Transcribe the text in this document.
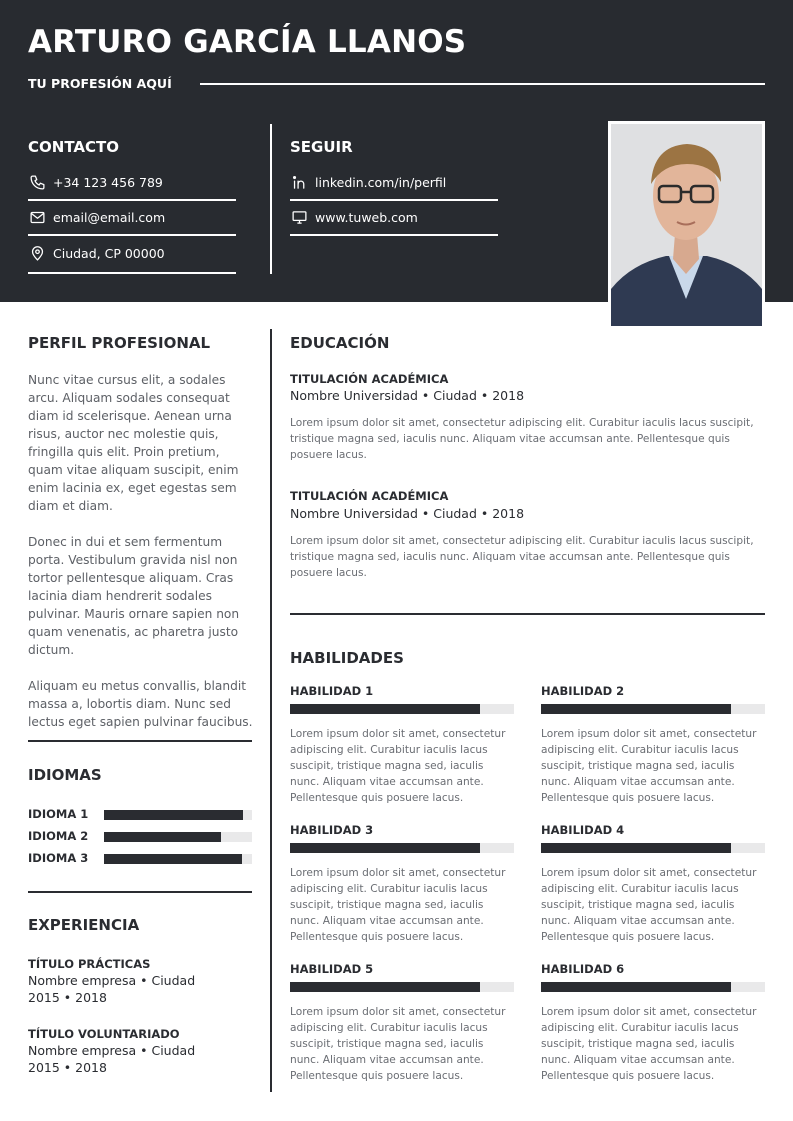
ARTURO GARCÍA LLANOS
TU PROFESIÓN AQUÍ
CONTACTO
+34 123 456 789
email@email.com
Ciudad, CP 00000
SEGUIR
linkedin.com/in/perfil
www.tuweb.com
PERFIL PROFESIONAL
Nunc vitae cursus elit, a sodales arcu. Aliquam sodales consequat diam id scelerisque. Aenean urna risus, auctor nec molestie quis, fringilla quis elit. Proin pretium, quam vitae aliquam suscipit, enim enim lacinia ex, eget egestas sem diam et diam.
Donec in dui et sem fermentum porta. Vestibulum gravida nisl non tortor pellentesque aliquam. Cras lacinia diam hendrerit sodales pulvinar. Mauris ornare sapien non quam venenatis, ac pharetra justo dictum.
Aliquam eu metus convallis, blandit massa a, lobortis diam. Nunc sed lectus eget sapien pulvinar faucibus.
IDIOMAS
IDIOMA 1
IDIOMA 2
IDIOMA 3
EXPERIENCIA
TÍTULO PRÁCTICAS
Nombre empresa • Ciudad
2015 • 2018
TÍTULO VOLUNTARIADO
Nombre empresa • Ciudad
2015 • 2018
EDUCACIÓN
TITULACIÓN ACADÉMICA
Nombre Universidad • Ciudad • 2018
Lorem ipsum dolor sit amet, consectetur adipiscing elit. Curabitur iaculis lacus suscipit, tristique magna sed, iaculis nunc. Aliquam vitae accumsan ante. Pellentesque quis posuere lacus.
TITULACIÓN ACADÉMICA
Nombre Universidad • Ciudad • 2018
Lorem ipsum dolor sit amet, consectetur adipiscing elit. Curabitur iaculis lacus suscipit, tristique magna sed, iaculis nunc. Aliquam vitae accumsan ante. Pellentesque quis posuere lacus.
HABILIDADES
HABILIDAD 1
Lorem ipsum dolor sit amet, consectetur adipiscing elit. Curabitur iaculis lacus suscipit, tristique magna sed, iaculis nunc. Aliquam vitae accumsan ante. Pellentesque quis posuere lacus.
HABILIDAD 2
Lorem ipsum dolor sit amet, consectetur adipiscing elit. Curabitur iaculis lacus suscipit, tristique magna sed, iaculis nunc. Aliquam vitae accumsan ante. Pellentesque quis posuere lacus.
HABILIDAD 3
Lorem ipsum dolor sit amet, consectetur adipiscing elit. Curabitur iaculis lacus suscipit, tristique magna sed, iaculis nunc. Aliquam vitae accumsan ante. Pellentesque quis posuere lacus.
HABILIDAD 4
Lorem ipsum dolor sit amet, consectetur adipiscing elit. Curabitur iaculis lacus suscipit, tristique magna sed, iaculis nunc. Aliquam vitae accumsan ante. Pellentesque quis posuere lacus.
HABILIDAD 5
Lorem ipsum dolor sit amet, consectetur adipiscing elit. Curabitur iaculis lacus suscipit, tristique magna sed, iaculis nunc. Aliquam vitae accumsan ante. Pellentesque quis posuere lacus.
HABILIDAD 6
Lorem ipsum dolor sit amet, consectetur adipiscing elit. Curabitur iaculis lacus suscipit, tristique magna sed, iaculis nunc. Aliquam vitae accumsan ante. Pellentesque quis posuere lacus.
